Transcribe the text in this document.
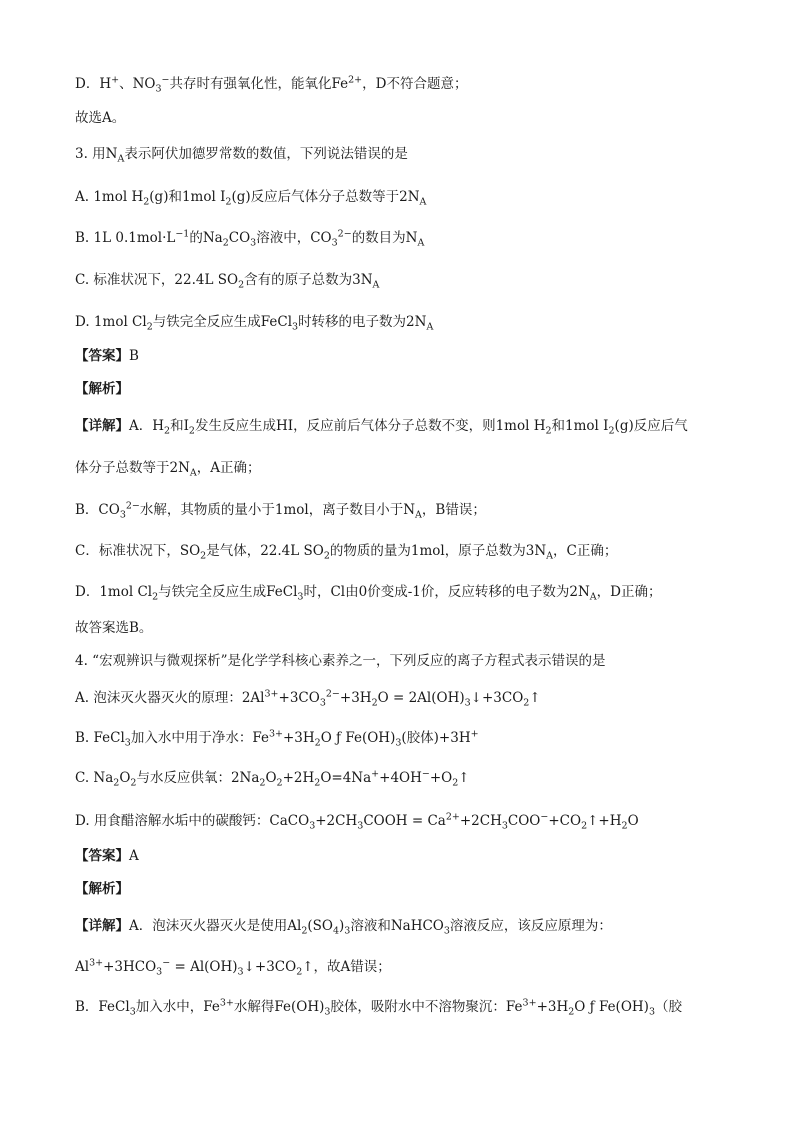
D．H+、$NO_3^-$共存时有强氧化性，能氧化$Fe^{2+}$，D不符合题意；
故选A。
3. 用$N_A$表示阿伏加德罗常数的数值，下列说法错误的是
A. 1mol $H_2(g)$和1mol $I_2(g)$反应后气体分子总数等于$2N_A$
B. 1L $0.1mol\cdot L^{-1}$的$Na_2CO_3$溶液中，$CO_3^{2-}$的数目为$N_A$
C. 标准状况下，22.4L $SO_2$含有的原子总数为$3N_A$
D. 1mol $Cl_2$与铁完全反应生成FeCl$_3$时转移的电子数为$2N_A$
【答案】B
【解析】
【详解】A．$H_2$和$I_2$发生反应生成HI，反应前后气体分子总数不变，则1mol $H_2$和1mol $I_2(g)$反应后气
体分子总数等于$2N_A$，A正确；
B．$CO_3^{2-}$水解，其物质的量小于1mol，离子数目小于$N_A$，B错误；
C．标准状况下，$SO_2$是气体，22.4L $SO_2$的物质的量为1mol，原子总数为$3N_A$，C正确；
D．1mol $Cl_2$与铁完全反应生成FeCl$_3$时，Cl由0价变成-1价，反应转移的电子数为$2N_A$，D正确；
故答案选B。
4. “宏观辨识与微观探析”是化学学科核心素养之一，下列反应的离子方程式表示错误的是
A. 泡沫灭火器灭火的原理：$2Al^{3+}+3CO_3^{2-}+3H_2O$ = $2Al(OH)_3↓+3CO_2↑$
B. FeCl$_3$加入水中用于净水：$Fe^{3+}+3H_2O$ ƒ $Fe(OH)_3$(胶体)+3H+
C. $Na_2O_2$与水反应供氧：$2Na_2O_2+2H_2O=4Na^++4OH^-+O_2↑$
D. 用食醋溶解水垢中的碳酸钙：$CaCO_3+2CH_3COOH$ = $Ca^{2+}+2CH_3COO^-+CO_2↑+H_2O$
【答案】A
【解析】
【详解】A．泡沫灭火器灭火是使用$Al_2(SO_4)_3$溶液和NaHCO$_3$溶液反应，该反应原理为：
$Al^{3+}+3HCO_3^-$ = $Al(OH)_3↓+3CO_2↑$，故A错误；
B．FeCl$_3$加入水中，$Fe^{3+}$水解得$Fe(OH)_3$胶体，吸附水中不溶物聚沉：$Fe^{3+}+3H_2O$ ƒ $Fe(OH)_3$（胶
